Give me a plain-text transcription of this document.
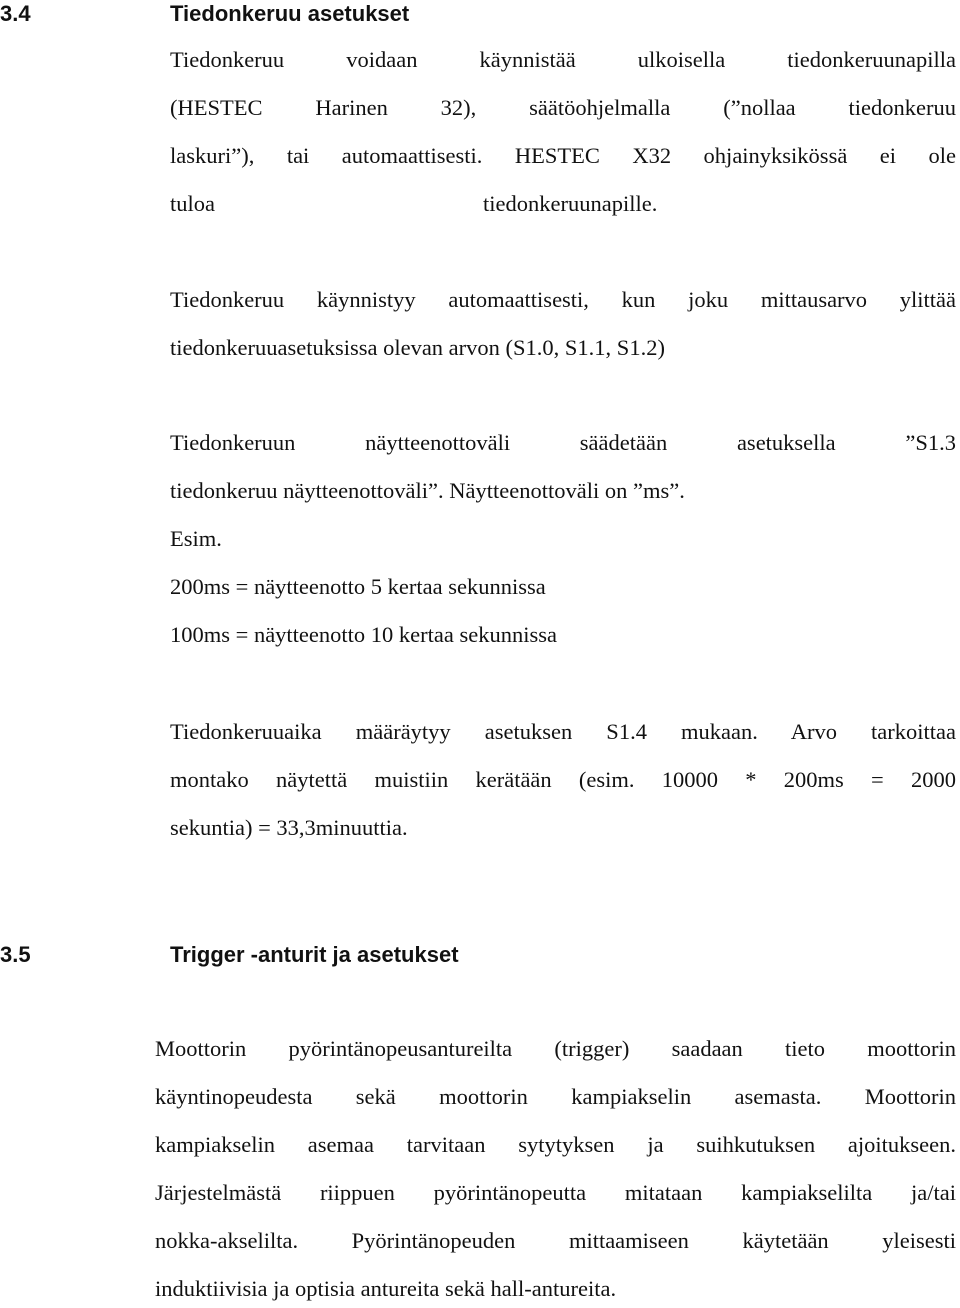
3.4	Tiedonkeruu asetukset
Tiedonkeruu voidaan käynnistää ulkoisella tiedonkeruunapilla
(HESTEC Harinen 32), säätöohjelmalla (”nollaa tiedonkeruu
laskuri”), tai automaattisesti. HESTEC X32 ohjainyksikössä ei ole
tuloa	tiedonkeruunapille.
Tiedonkeruu käynnistyy automaattisesti, kun joku mittausarvo ylittää
tiedonkeruuasetuksissa olevan arvon (S1.0, S1.1, S1.2)
Tiedonkeruun näytteenottoväli säädetään asetuksella ”S1.3
tiedonkeruu näytteenottoväli”. Näytteenottoväli on ”ms”.
Esim.
200ms = näytteenotto 5 kertaa sekunnissa
100ms = näytteenotto 10 kertaa sekunnissa
Tiedonkeruuaika määräytyy asetuksen S1.4 mukaan. Arvo tarkoittaa
montako näytettä muistiin kerätään (esim. 10000 * 200ms = 2000
sekuntia) = 33,3minuuttia.
3.5	Trigger -anturit ja asetukset
Moottorin pyörintänopeusantureilta (trigger) saadaan tieto moottorin
käyntinopeudesta sekä moottorin kampiakselin asemasta. Moottorin
kampiakselin asemaa tarvitaan sytytyksen ja suihkutuksen ajoitukseen.
Järjestelmästä riippuen pyörintänopeutta mitataan kampiakselilta ja/tai
nokka-akselilta. Pyörintänopeuden mittaamiseen käytetään yleisesti
induktiivisia ja optisia antureita sekä hall-antureita.
